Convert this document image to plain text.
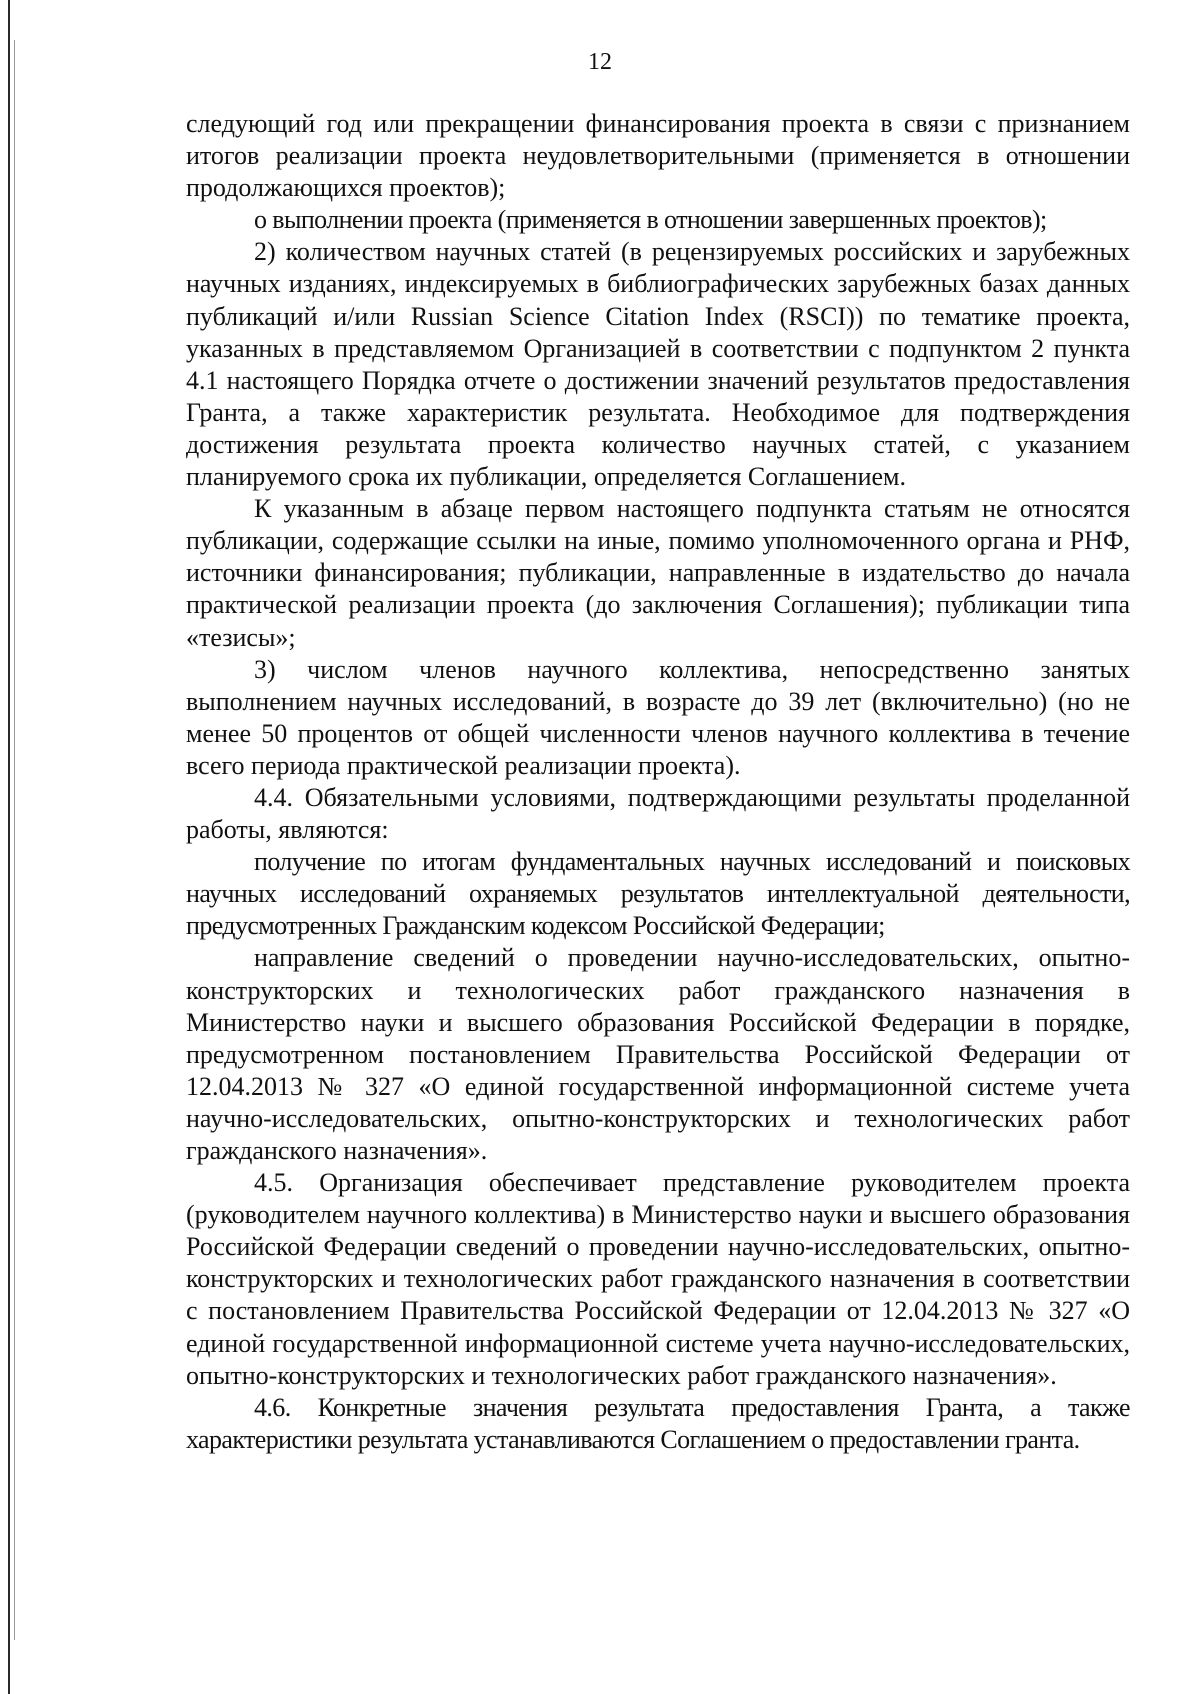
12

следующий год или прекращении финансирования проекта в связи с признанием итогов реализации проекта неудовлетворительными (применяется в отношении продолжающихся проектов);

о выполнении проекта (применяется в отношении завершенных проектов);

2) количеством научных статей (в рецензируемых российских и зарубежных научных изданиях, индексируемых в библиографических зарубежных базах данных публикаций и/или Russian Science Citation Index (RSCI)) по тематике проекта, указанных в представляемом Организацией в соответствии с подпунктом 2 пункта 4.1 настоящего Порядка отчете о достижении значений результатов предоставления Гранта, а также характеристик результата. Необходимое для подтверждения достижения результата проекта количество научных статей, с указанием планируемого срока их публикации, определяется Соглашением.

К указанным в абзаце первом настоящего подпункта статьям не относятся публикации, содержащие ссылки на иные, помимо уполномоченного органа и РНФ, источники финансирования; публикации, направленные в издательство до начала практической реализации проекта (до заключения Соглашения); публикации типа «тезисы»;

3) числом членов научного коллектива, непосредственно занятых выполнением научных исследований, в возрасте до 39 лет (включительно) (но не менее 50 процентов от общей численности членов научного коллектива в течение всего периода практической реализации проекта).

4.4. Обязательными условиями, подтверждающими результаты проделанной работы, являются:

получение по итогам фундаментальных научных исследований и поисковых научных исследований охраняемых результатов интеллектуальной деятельности, предусмотренных Гражданским кодексом Российской Федерации;

направление сведений о проведении научно-исследовательских, опытно-конструкторских и технологических работ гражданского назначения в Министерство науки и высшего образования Российской Федерации в порядке, предусмотренном постановлением Правительства Российской Федерации от 12.04.2013 № 327 «О единой государственной информационной системе учета научно-исследовательских, опытно-конструкторских и технологических работ гражданского назначения».

4.5. Организация обеспечивает представление руководителем проекта (руководителем научного коллектива) в Министерство науки и высшего образования Российской Федерации сведений о проведении научно-исследовательских, опытно-конструкторских и технологических работ гражданского назначения в соответствии с постановлением Правительства Российской Федерации от 12.04.2013 № 327 «О единой государственной информационной системе учета научно-исследовательских, опытно-конструкторских и технологических работ гражданского назначения».

4.6. Конкретные значения результата предоставления Гранта, а также характеристики результата устанавливаются Соглашением о предоставлении гранта.
